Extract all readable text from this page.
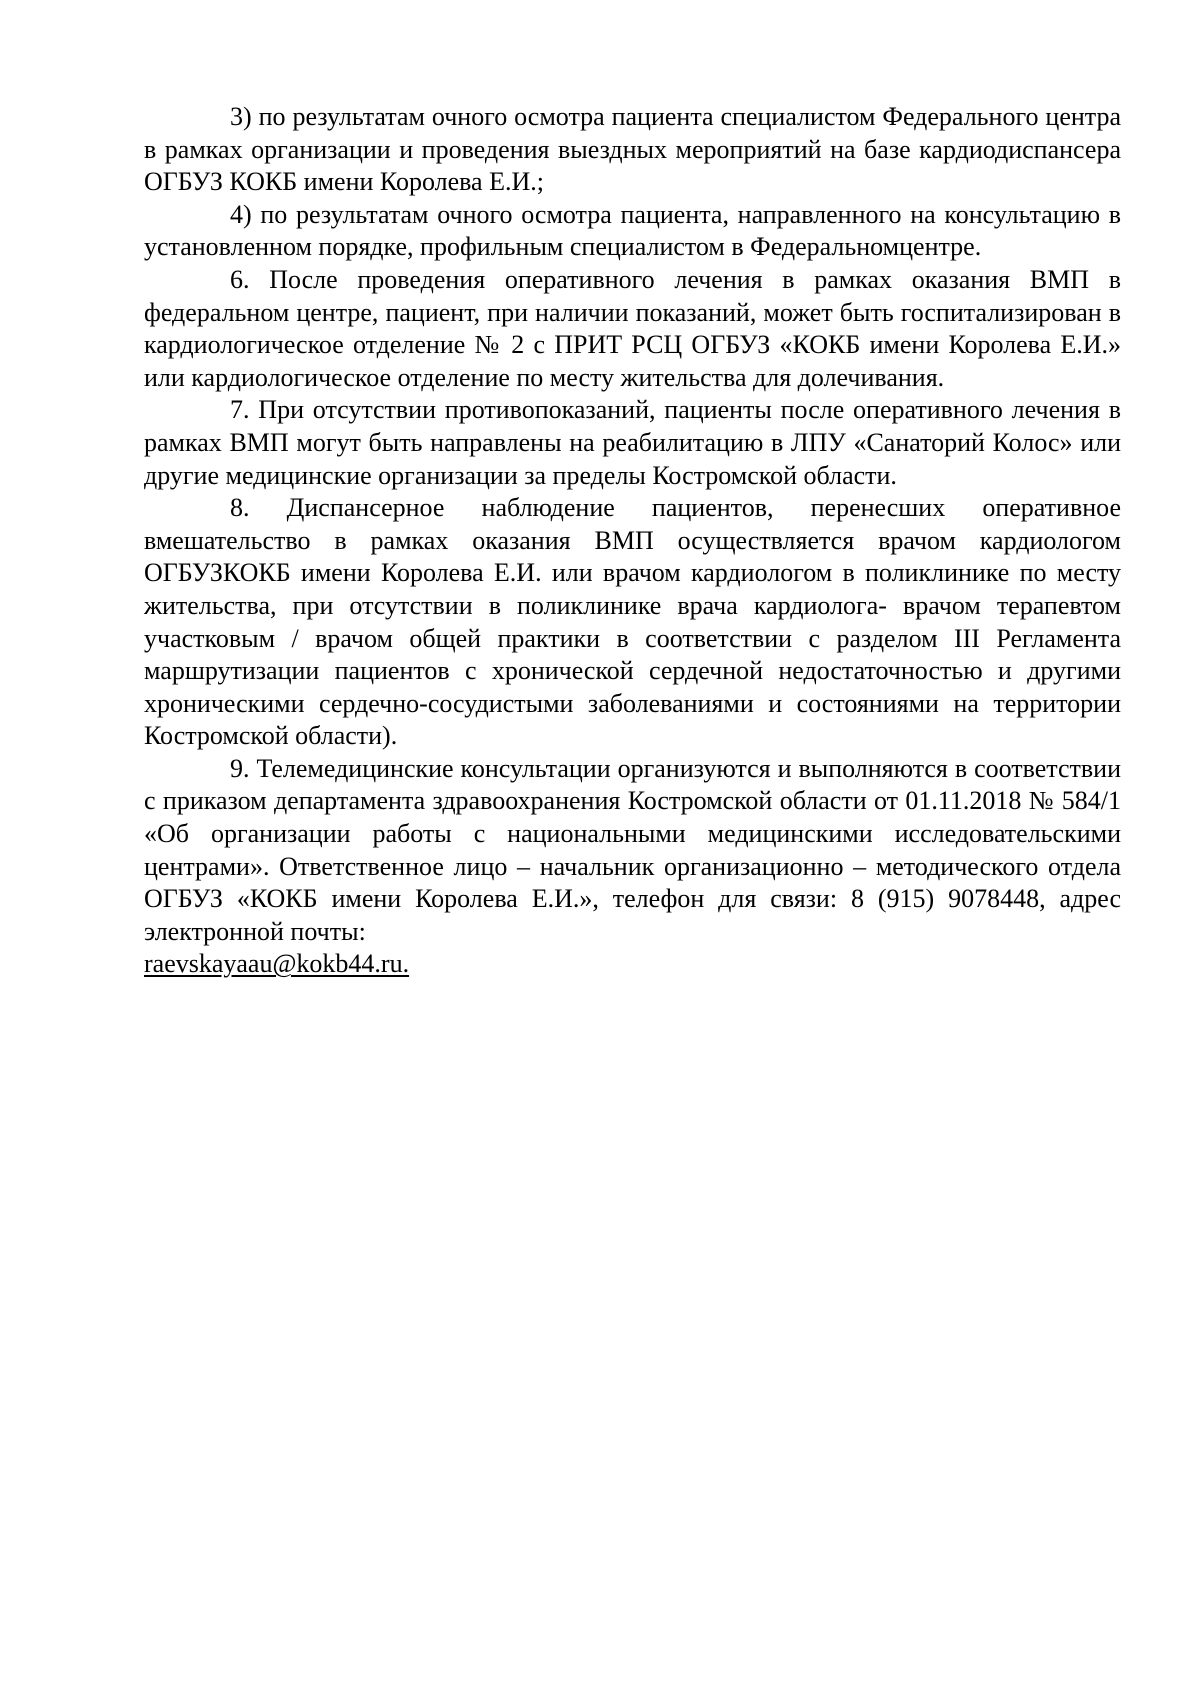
3) по результатам очного осмотра пациента специалистом Федерального центра в рамках организации и проведения выездных мероприятий на базе кардиодиспансера ОГБУЗ КОКБ имени Королева Е.И.;

4) по результатам очного осмотра пациента, направленного на консультацию в установленном порядке, профильным специалистом в Федеральномцентре.

6. После проведения оперативного лечения в рамках оказания ВМП в федеральном центре, пациент, при наличии показаний, может быть госпитализирован в кардиологическое отделение № 2 с ПРИТ РСЦ ОГБУЗ «КОКБ имени Королева Е.И.» или кардиологическое отделение по месту жительства для долечивания.

7. При отсутствии противопоказаний, пациенты после оперативного лечения в рамках ВМП могут быть направлены на реабилитацию в ЛПУ «Санаторий Колос» или другие медицинские организации за пределы Костромской области.

8. Диспансерное наблюдение пациентов, перенесших оперативное вмешательство в рамках оказания ВМП осуществляется врачом кардиологом ОГБУЗКОКБ имени Королева Е.И. или врачом кардиологом в поликлинике по месту жительства, при отсутствии в поликлинике врача кардиолога- врачом терапевтом участковым / врачом общей практики в соответствии с разделом III Регламента маршрутизации пациентов с хронической сердечной недостаточностью и другими хроническими сердечно-сосудистыми заболеваниями и состояниями на территории Костромской области).

9. Телемедицинские консультации организуются и выполняются в соответствии с приказом департамента здравоохранения Костромской области от 01.11.2018 № 584/1 «Об организации работы с национальными медицинскими исследовательскими центрами». Ответственное лицо – начальник организационно – методического отдела ОГБУЗ «КОКБ имени Королева Е.И.», телефон для связи: 8 (915) 9078448, адрес электронной почты:

raevskayaau@kokb44.ru.
